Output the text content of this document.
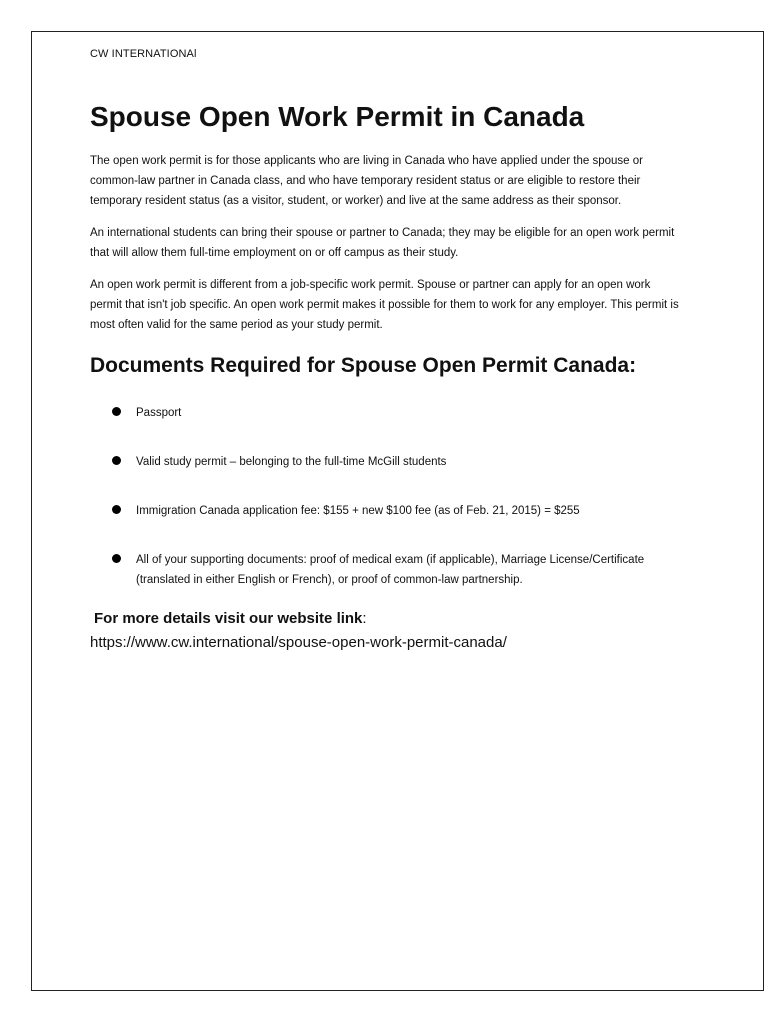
CW INTERNATIONAl

Spouse Open Work Permit in Canada

The open work permit is for those applicants who are living in Canada who have applied under the spouse or common-law partner in Canada class, and who have temporary resident status or are eligible to restore their temporary resident status (as a visitor, student, or worker) and live at the same address as their sponsor.

An international students can bring their spouse or partner to Canada; they may be eligible for an open work permit that will allow them full-time employment on or off campus as their study.

An open work permit is different from a job-specific work permit. Spouse or partner can apply for an open work permit that isn't job specific. An open work permit makes it possible for them to work for any employer. This permit is most often valid for the same period as your study permit.

Documents Required for Spouse Open Permit Canada:
Passport
Valid study permit – belonging to the full-time McGill students
Immigration Canada application fee: $155 + new $100 fee (as of Feb. 21, 2015) = $255
All of your supporting documents: proof of medical exam (if applicable), Marriage License/Certificate (translated in either English or French), or proof of common-law partnership.

For more details visit our website link:

https://www.cw.international/spouse-open-work-permit-canada/
